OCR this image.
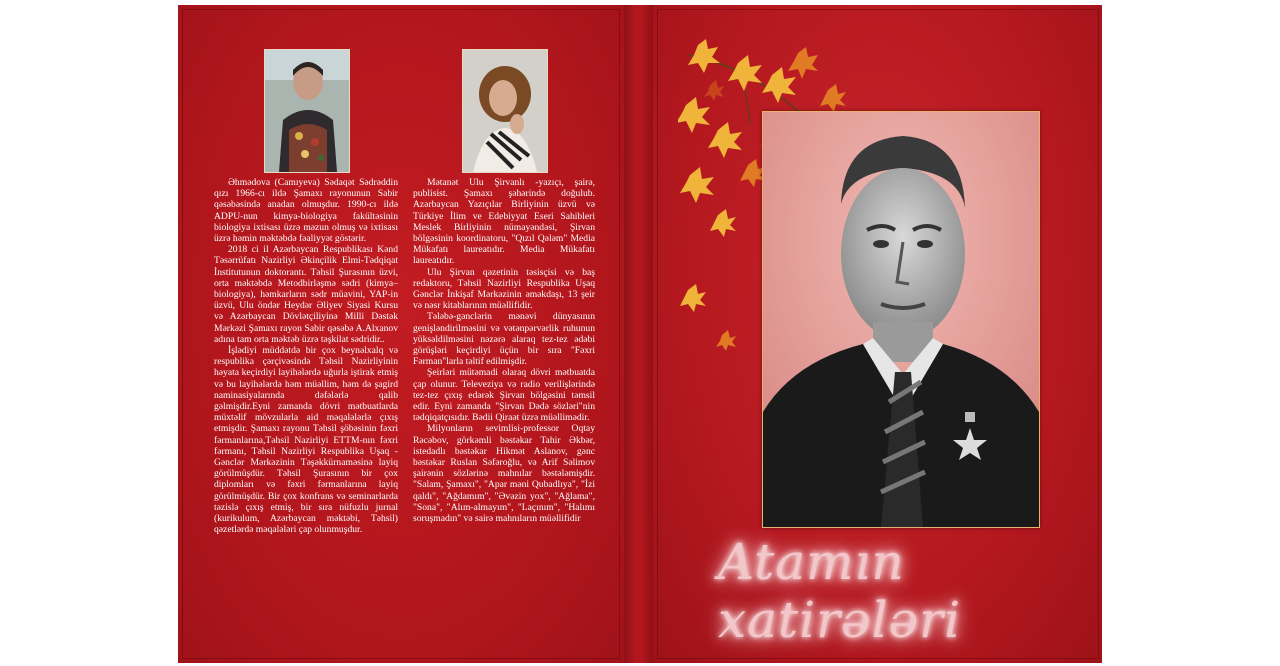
Əhmədova (Camıyeva) Sədaqət Sədrəddin qızı 1966-cı ildə Şamaxı rayonunun Sabir qəsəbəsində anadan olmuşdur. 1990-cı ildə ADPU-nun kimya-biologiya fakültəsinin biologiya ixtisası üzrə məzun olmuş və ixtisası üzrə həmin məktəbdə fəaliyyət göstərir.

2018 ci il Azərbaycan Respublikası Kənd Təsərrüfatı Nazirliyi Əkinçilik Elmi-Tədqiqat İnstitutunun doktorantı. Təhsil Şurasının üzvi, orta məktəbdə Metodbirləşmə sədri (kimya–biologiya), həmkarların sədr müavini, YAP-in üzvü, Ulu öndər Heydər Əliyev Siyasi Kursu və Azərbaycan Dövlətçiliyinə Milli Dəstək Mərkəzi Şamaxı rayon Sabir qəsəbə A.Alxanov adına tam orta məktəb üzrə təşkilat sədridir..

İşlədiyi müddətdə bir çox beynəlxalq və respublika çərçivəsində Təhsil Nazirliyinin həyata keçirdiyi layihələrdə uğurla iştirak etmiş və bu layihələrdə həm müəllim, həm də şagird naminasiyalarında dəfələrlə qalib gəlmişdir.Eyni zamanda dövri mətbuatlarda müxtəlif mövzularla aid məqalələrlə çıxış etmişdir. Şamaxı rayonu Təhsil şöbəsinin fəxri fərmanlarına,Təhsil Nazirliyi ETTM-nın fəxri fərmanı, Təhsil Nazirliyi Respublika Uşaq -Gənclər Mərkəzinin Təşəkkürnaməsinə layiq görülmüşdür. Təhsil Şurasının bir çox diplomları və fəxri fərmanlarına layiq görülmüşdür. Bir çox konfrans və seminarlarda təzislə çıxış etmiş, bir sıra nüfuzlu jurnal (kurikulum, Azərbaycan məktəbi, Təhsil) qəzetlərdə məqalələri çap olunmuşdur.

Mətanət Ulu Şirvanlı -yazıçı, şairə, publisist. Şamaxı şəhərində doğulub. Azərbaycan Yazıçılar Birliyinin üzvü və Türkiye İlim ve Edebiyyat Eseri Sahibleri Meslek Birliyinin nümayəndəsi, Şirvan bölgəsinin koordinatoru, "Qızıl Qələm" Media Mükafatı laureatıdır. Media Mükafatı laureatıdır.

Ulu Şirvan qəzetinin təsisçisi və baş redaktoru, Təhsil Nazirliyi Respublika Uşaq Gənclər İnkişaf Mərkəzinin əməkdaşı, 13 şeir və nəsr kitablarının müəllifidir.

Tələbə-gənclərin mənəvi dünyasının genişləndirilməsini və vətənpərvərlik ruhunun yüksəldilməsini nəzərə alaraq tez-tez ədəbi görüşləri keçirdiyi üçün bir sıra "Fəxri Fərman"larla təltif edilmişdir.

Şeirləri mütəmadi olaraq dövri mətbuatda çap olunur. Televeziya və radio verilişlərində tez-tez çıxış edərək Şirvan bölgəsini təmsil edir. Eyni zamanda "Şirvan Dədə sözləri"nin tədqiqatçısıdır. Bədii Qiraət üzrə müəllimədir.

Milyonların sevimlisi-professor Oqtay Rəcəbov, görkəmli bəstəkar Tahir Əkbər, istedadlı bəstəkar Hikmət Aslanov, gənc bəstəkar Ruslan Səfəroğlu, və Arif Səlimov şairənin sözlərinə mahnılar bəstələmişdir. "Salam, Şamaxı", "Apar məni Qubadlıya", "İzi qaldı", "Ağdamım", "Əvəzin yox", "Ağlama", "Sona", "Alım-almayım", "Laçınım", "Halımı soruşmadın" və sairə mahnıların müəllifidir

Atamın xatirələri
